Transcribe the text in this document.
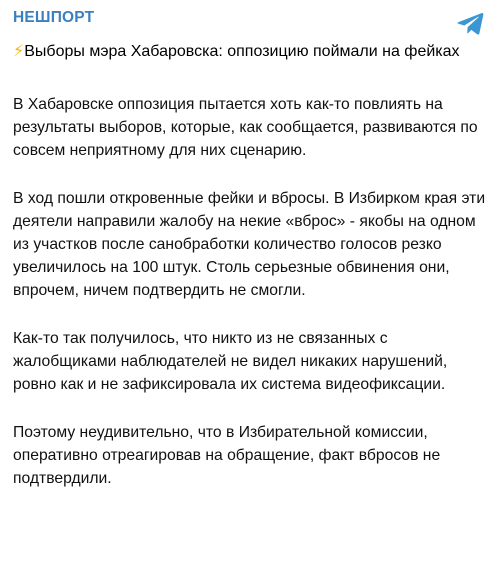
НЕШПОРТ
⚡Выборы мэра Хабаровска: оппозицию поймали на фейках

В Хабаровске оппозиция пытается хоть как-то повлиять на результаты выборов, которые, как сообщается, развиваются по совсем неприятному для них сценарию.

В ход пошли откровенные фейки и вбросы. В Избирком края эти деятели направили жалобу на некие «вброс» - якобы на одном из участков после санобработки количество голосов резко увеличилось на 100 штук. Столь серьезные обвинения они, впрочем, ничем подтвердить не смогли.

Как-то так получилось, что никто из не связанных с жалобщиками наблюдателей не видел никаких нарушений, ровно как и не зафиксировала их система видеофиксации.

Поэтому неудивительно, что в Избирательной комиссии, оперативно отреагировав на обращение, факт вбросов не подтвердили.
